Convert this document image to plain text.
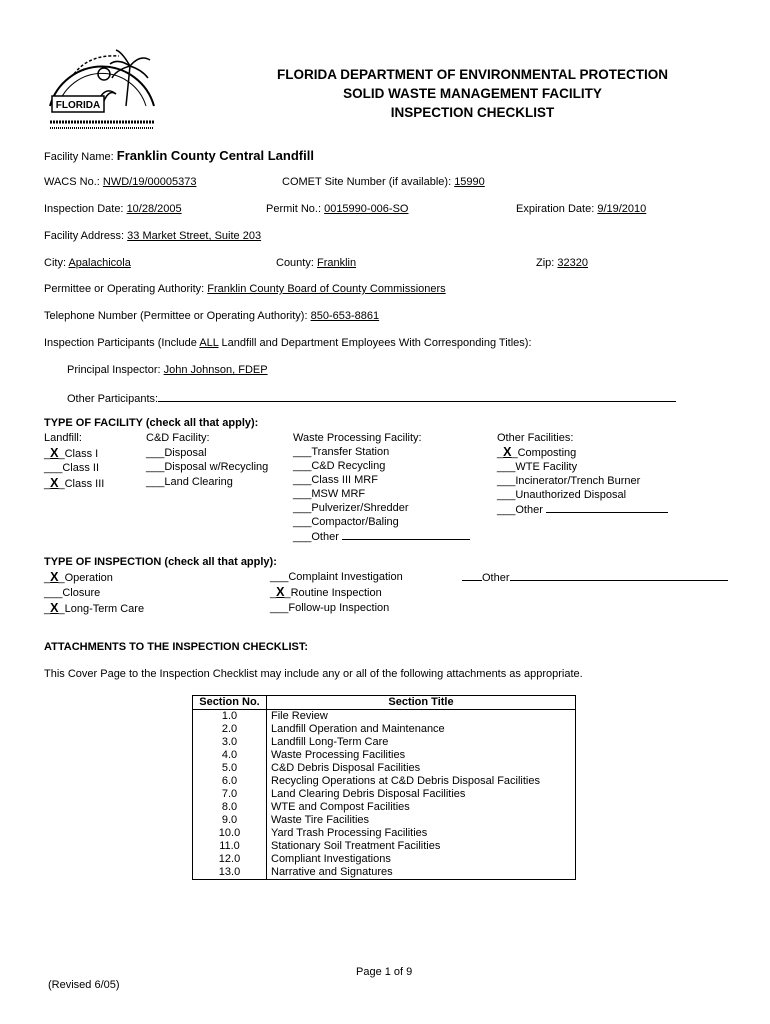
FLORIDA
FLORIDA DEPARTMENT OF ENVIRONMENTAL PROTECTION
SOLID WASTE MANAGEMENT FACILITY
INSPECTION CHECKLIST
Facility Name: Franklin County Central Landfill
WACS No.: NWD/19/00005373	COMET Site Number (if available): 15990
Inspection Date: 10/28/2005	Permit No.: 0015990-006-SO	Expiration Date: 9/19/2010
Facility Address: 33 Market Street, Suite 203
City: Apalachicola	County: Franklin	Zip: 32320
Permittee or Operating Authority: Franklin County Board of County Commissioners
Telephone Number (Permittee or Operating Authority): 850-653-8861
Inspection Participants (Include ALL Landfill and Department Employees With Corresponding Titles):
Principal Inspector: John Johnson, FDEP
Other Participants:
TYPE OF FACILITY (check all that apply):
Landfill:
_X_Class I
___Class II
_X_Class III
C&D Facility:
___Disposal
___Disposal w/Recycling
___Land Clearing
Waste Processing Facility:
___Transfer Station
___C&D Recycling
___Class III MRF
___MSW MRF
___Pulverizer/Shredder
___Compactor/Baling
___Other
Other Facilities:
_X_Composting
___WTE Facility
___Incinerator/Trench Burner
___Unauthorized Disposal
___Other
TYPE OF INSPECTION (check all that apply):
_X_Operation
___Closure
_X_Long-Term Care
___Complaint Investigation
_X_Routine Inspection
___Follow-up Inspection
Other
ATTACHMENTS TO THE INSPECTION CHECKLIST:
This Cover Page to the Inspection Checklist may include any or all of the following attachments as appropriate.
Section No.	Section Title
1.0	File Review
2.0	Landfill Operation and Maintenance
3.0	Landfill Long-Term Care
4.0	Waste Processing Facilities
5.0	C&D Debris Disposal Facilities
6.0	Recycling Operations at C&D Debris Disposal Facilities
7.0	Land Clearing Debris Disposal Facilities
8.0	WTE and Compost Facilities
9.0	Waste Tire Facilities
10.0	Yard Trash Processing Facilities
11.0	Stationary Soil Treatment Facilities
12.0	Compliant Investigations
13.0	Narrative and Signatures
Page 1 of 9
(Revised 6/05)
